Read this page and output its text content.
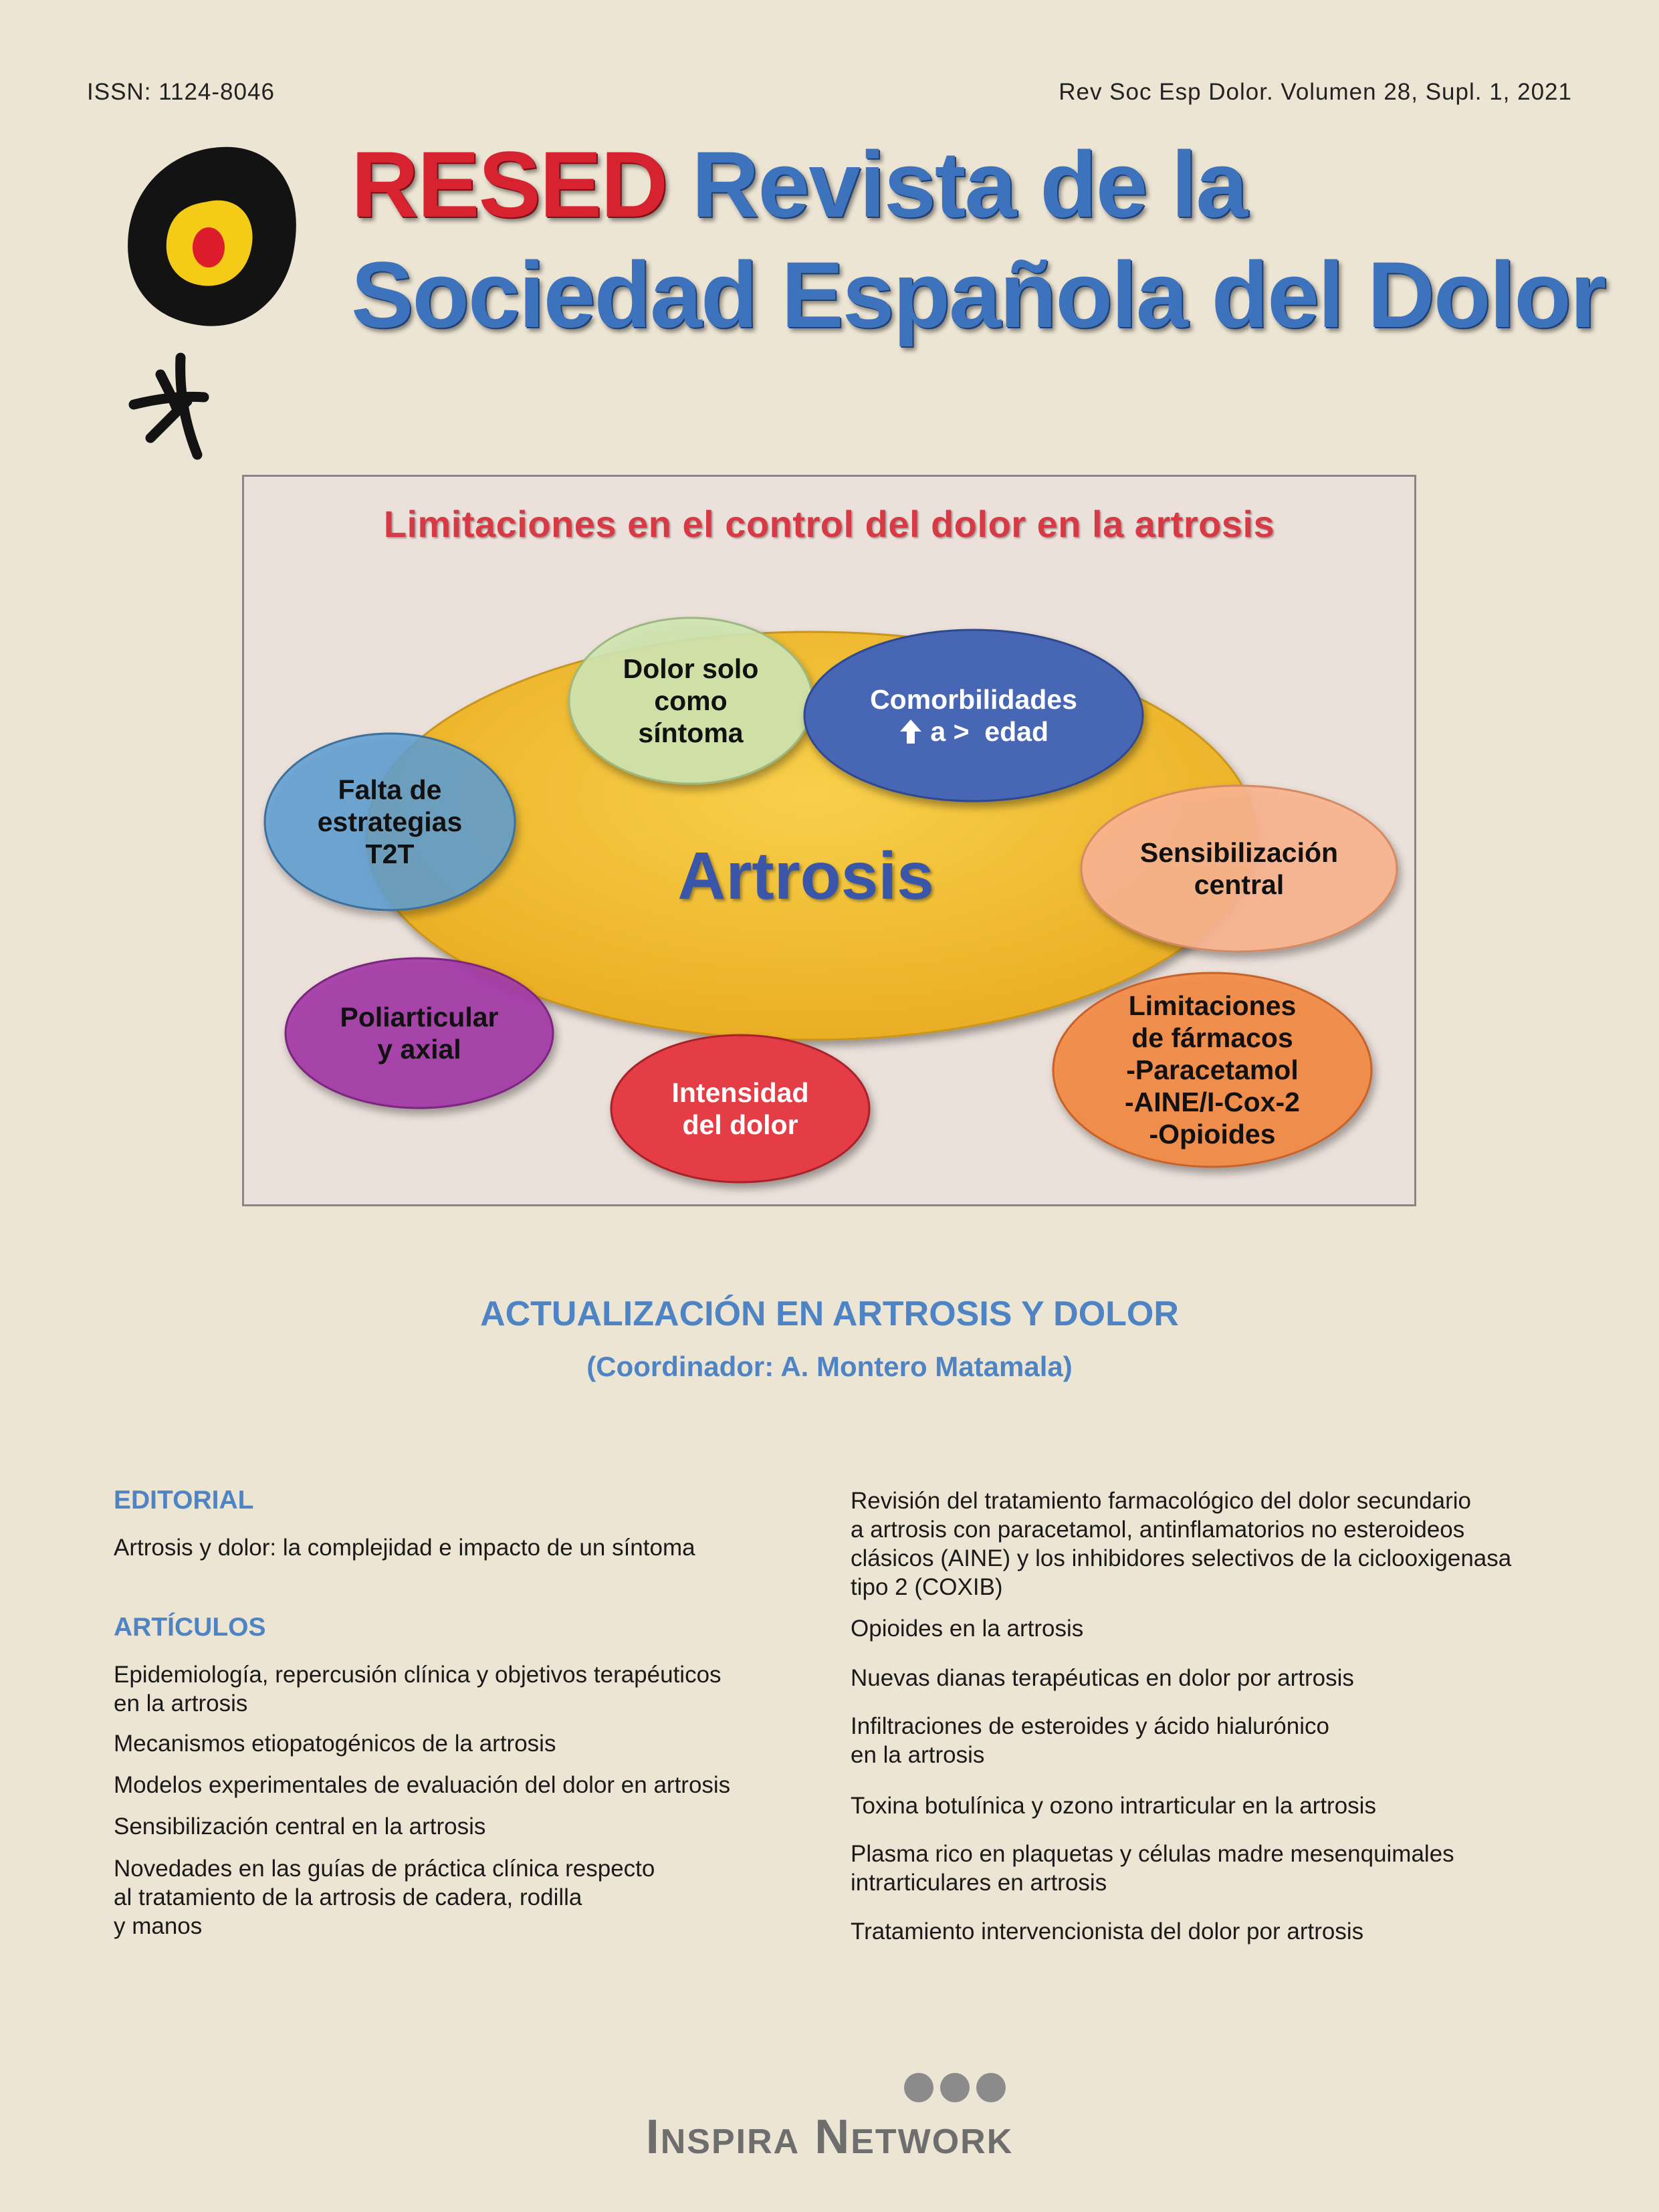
ISSN: 1124-8046	Rev Soc Esp Dolor. Volumen 28, Supl. 1, 2021
RESED Revista de la
Sociedad Española del Dolor
Limitaciones en el control del dolor en la artrosis
Artrosis
Dolor solo
como
síntoma
Comorbilidades
a >  edad
Falta de
estrategias
T2T	Sensibilización
central
Poliarticular
y axial
Intensidad
del dolor
Limitaciones
de fármacos
-Paracetamol
-AINE/I-Cox-2
-Opioides
ACTUALIZACIÓN EN ARTROSIS Y DOLOR
(Coordinador: A. Montero Matamala)
EDITORIAL
Artrosis y dolor: la complejidad e impacto de un síntoma
ARTÍCULOS
Epidemiología, repercusión clínica y objetivos terapéuticos
en la artrosis
Mecanismos etiopatogénicos de la artrosis
Modelos experimentales de evaluación del dolor en artrosis
Sensibilización central en la artrosis
Novedades en las guías de práctica clínica respecto
al tratamiento de la artrosis de cadera, rodilla
y manos
Revisión del tratamiento farmacológico del dolor secundario
a artrosis con paracetamol, antinflamatorios no esteroideos
clásicos (AINE) y los inhibidores selectivos de la ciclooxigenasa
tipo 2 (COXIB)
Opioides en la artrosis
Nuevas dianas terapéuticas en dolor por artrosis
Infiltraciones de esteroides y ácido hialurónico
en la artrosis
Toxina botulínica y ozono intrarticular en la artrosis
Plasma rico en plaquetas y células madre mesenquimales
intrarticulares en artrosis
Tratamiento intervencionista del dolor por artrosis
INSPIRA NETWORK
